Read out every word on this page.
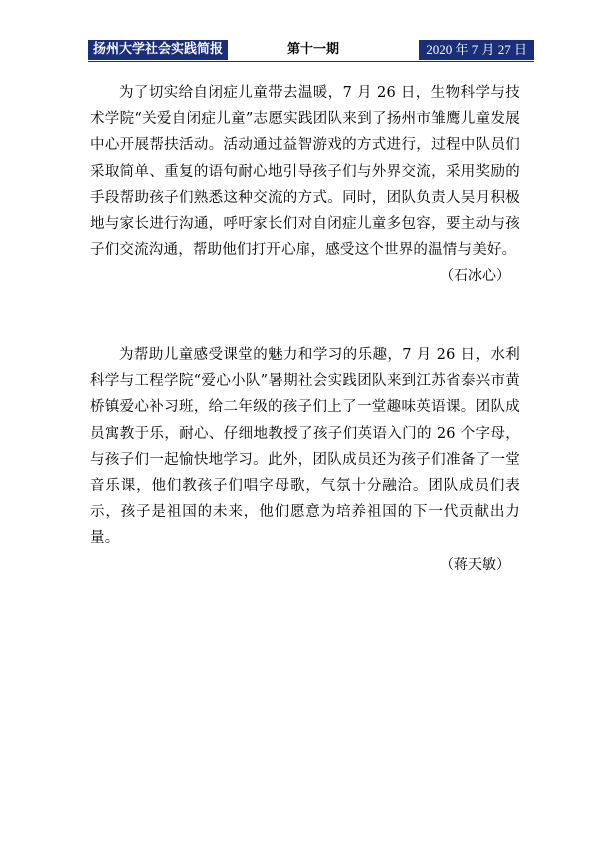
扬州大学社会实践简报	第十一期	2020 年 7 月 27 日

为了切实给自闭症儿童带去温暖，7 月 26 日，生物科学与技术学院“关爱自闭症儿童”志愿实践团队来到了扬州市雏鹰儿童发展中心开展帮扶活动。活动通过益智游戏的方式进行，过程中队员们采取简单、重复的语句耐心地引导孩子们与外界交流，采用奖励的手段帮助孩子们熟悉这种交流的方式。同时，团队负责人吴月积极地与家长进行沟通，呼吁家长们对自闭症儿童多包容，要主动与孩子们交流沟通，帮助他们打开心扉，感受这个世界的温情与美好。

（石冰心）

为帮助儿童感受课堂的魅力和学习的乐趣，7 月 26 日，水利科学与工程学院“爱心小队”暑期社会实践团队来到江苏省泰兴市黄桥镇爱心补习班，给二年级的孩子们上了一堂趣味英语课。团队成员寓教于乐，耐心、仔细地教授了孩子们英语入门的 26 个字母，与孩子们一起愉快地学习。此外，团队成员还为孩子们准备了一堂音乐课，他们教孩子们唱字母歌，气氛十分融洽。团队成员们表示，孩子是祖国的未来，他们愿意为培养祖国的下一代贡献出力量。

（蒋天敏）
